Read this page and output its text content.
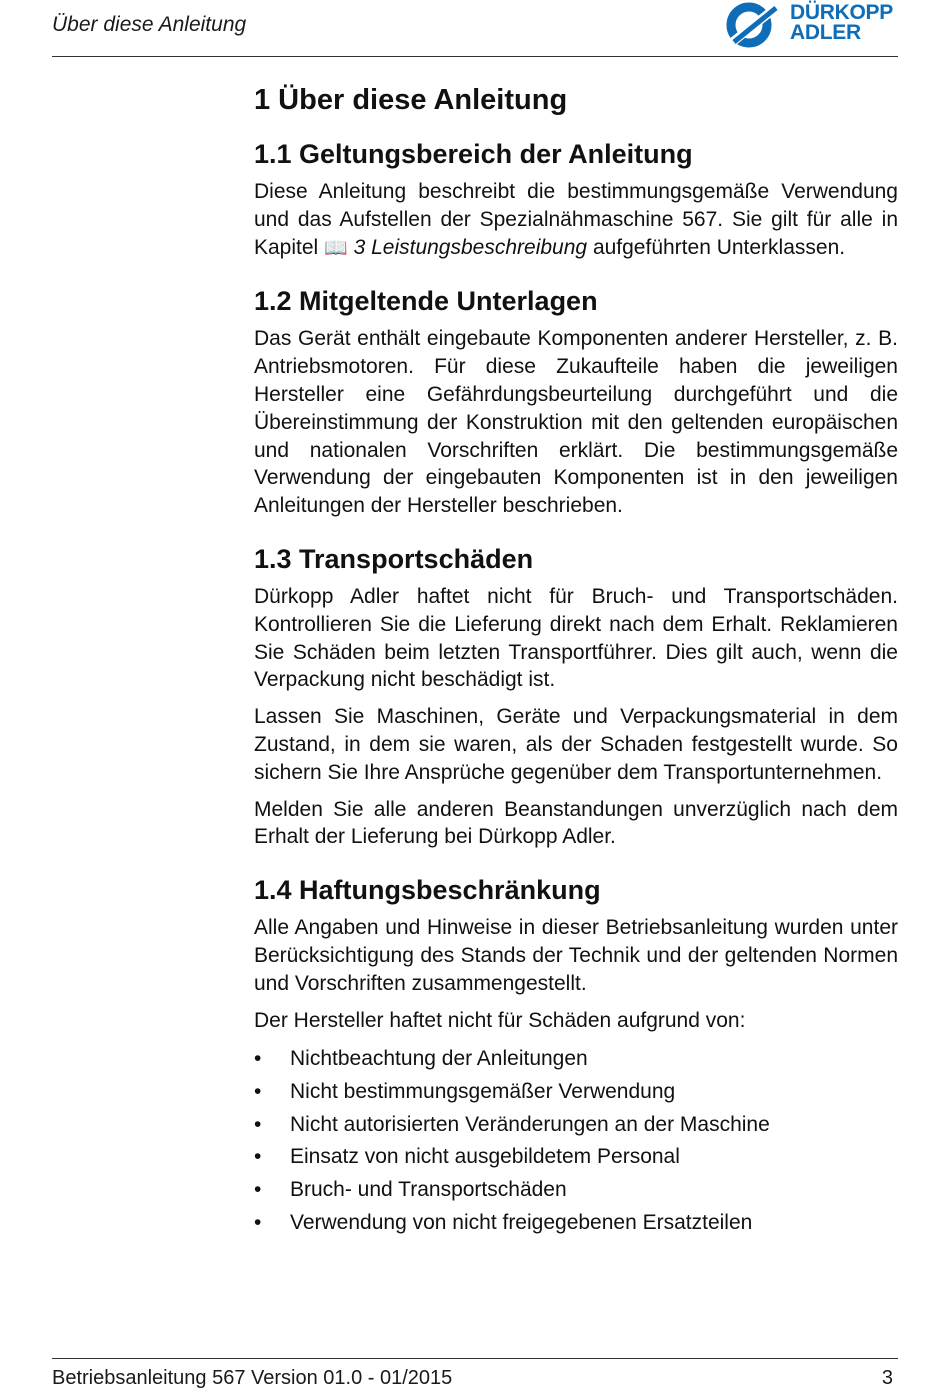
Über diese Anleitung
DÜRKOPP
ADLER
1 Über diese Anleitung
1.1 Geltungsbereich der Anleitung

Diese Anleitung beschreibt die bestimmungsgemäße Verwendung und das Aufstellen der Spezialnähmaschine 567. Sie gilt für alle in Kapitel 📖 3 Leistungsbeschreibung aufgeführten Unterklassen.

1.2 Mitgeltende Unterlagen

Das Gerät enthält eingebaute Komponenten anderer Hersteller, z. B. Antriebsmotoren. Für diese Zukaufteile haben die jeweiligen Hersteller eine Gefährdungsbeurteilung durchgeführt und die Übereinstimmung der Konstruktion mit den geltenden europäischen und nationalen Vorschriften erklärt. Die bestimmungsgemäße Verwendung der eingebauten Komponenten ist in den jeweiligen Anleitungen der Hersteller beschrieben.

1.3 Transportschäden

Dürkopp Adler haftet nicht für Bruch- und Transportschäden. Kontrollieren Sie die Lieferung direkt nach dem Erhalt. Reklamieren Sie Schäden beim letzten Transportführer. Dies gilt auch, wenn die Verpackung nicht beschädigt ist.

Lassen Sie Maschinen, Geräte und Verpackungsmaterial in dem Zustand, in dem sie waren, als der Schaden festgestellt wurde. So sichern Sie Ihre Ansprüche gegenüber dem Transportunternehmen.

Melden Sie alle anderen Beanstandungen unverzüglich nach dem Erhalt der Lieferung bei Dürkopp Adler.

1.4 Haftungsbeschränkung

Alle Angaben und Hinweise in dieser Betriebsanleitung wurden unter Berücksichtigung des Stands der Technik und der geltenden Normen und Vorschriften zusammengestellt.

Der Hersteller haftet nicht für Schäden aufgrund von:

• Nichtbeachtung der Anleitungen
• Nicht bestimmungsgemäßer Verwendung
• Nicht autorisierten Veränderungen an der Maschine
• Einsatz von nicht ausgebildetem Personal
• Bruch- und Transportschäden
• Verwendung von nicht freigegebenen Ersatzteilen
Betriebsanleitung 567 Version 01.0 - 01/2015	3
